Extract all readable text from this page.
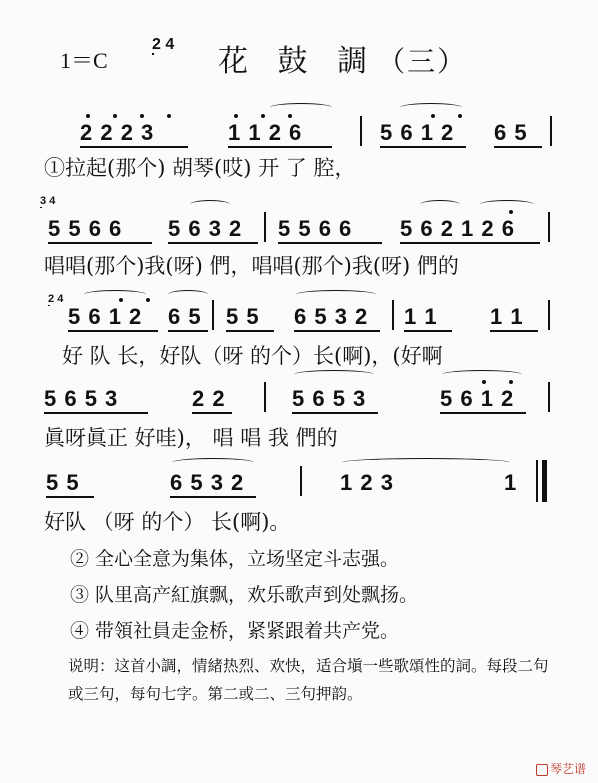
1＝C
2 4 花 鼓 調（三）
2 2 2 3	1 1 2 6	5 6 1 2 6 5
①拉起(那个) 胡琴(哎) 开 了 腔，
3 4
5 5 6 6 5 6 3 2 5 5 6 6 5 6 2 1 2 6
唱唱(那个)我(呀) 們，唱唱(那个)我(呀) 們的
2 4
5 6 1 2 6 5 5 5 6 5 3 2 1 1 1 1
好 队 长，好队（呀 的个）长(啊)，(好啊
5 6 5 3	2 2	5 6 5 3	5 6 1 2
眞呀眞正 好哇)， 唱 唱 我 們的
5 5	6 5 3 2	1 2 3	1
好队 （呀 的个） 长(啊)。
② 全心全意为集体，立场坚定斗志强。
③ 队里高产紅旗飘，欢乐歌声到处飘扬。
④ 带領社員走金桥，紧紧跟着共产党。
说明：这首小調，情緒热烈、欢快，适合塡一些歌頌性的詞。每段二句或三句，每句七字。第二或二、三句押韵。
琴艺谱
